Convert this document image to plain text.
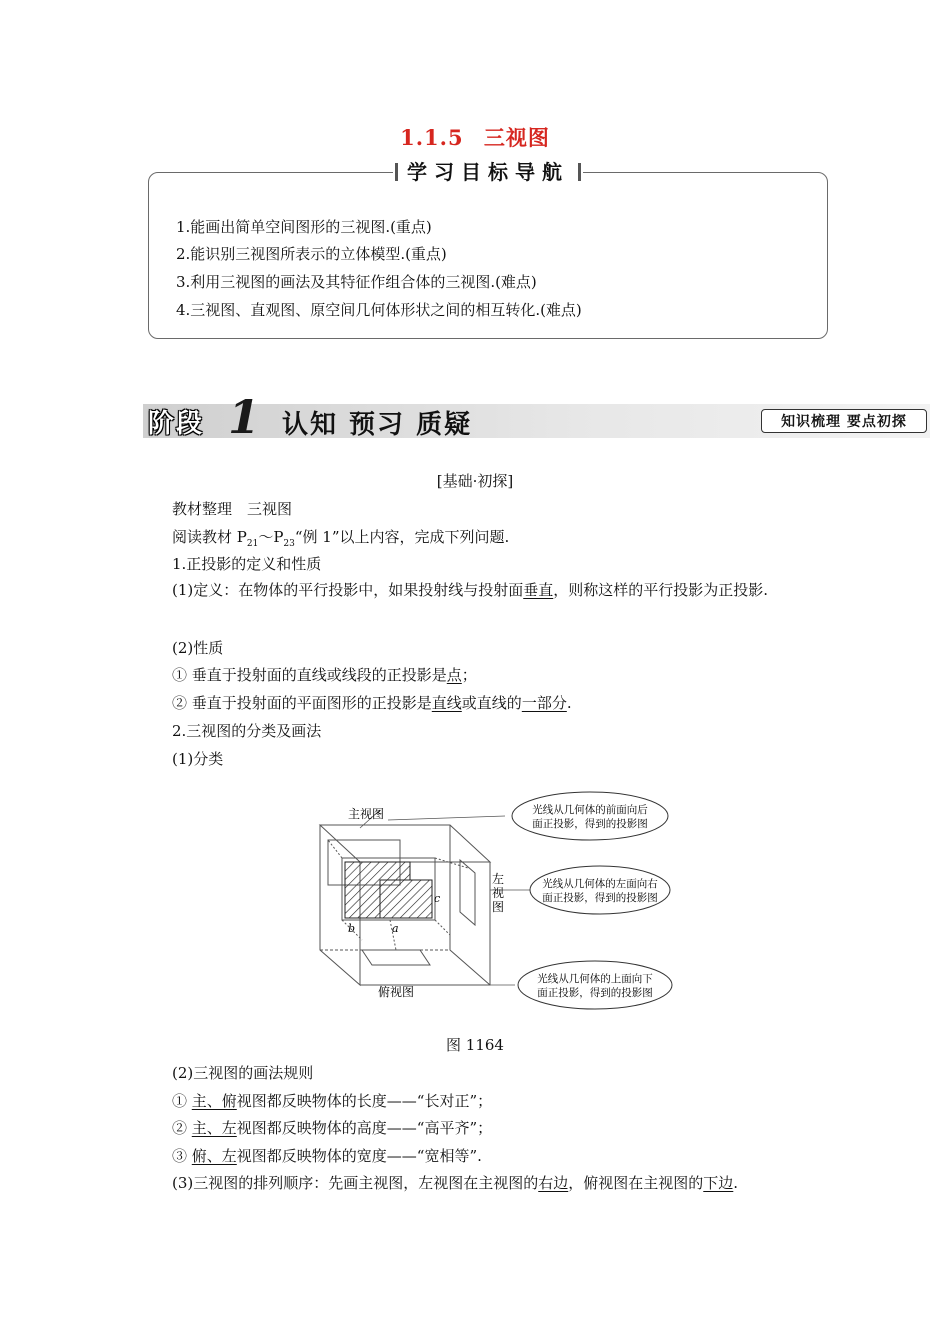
1.1.5 三视图
学习目标导航
1.能画出简单空间图形的三视图.(重点)
2.能识别三视图所表示的立体模型.(重点)
3.利用三视图的画法及其特征作组合体的三视图.(难点)
4.三视图、直观图、原空间几何体形状之间的相互转化.(难点)
阶段 1 认知 预习 质疑	知识梳理 要点初探
[基础·初探]
教材整理　三视图
阅读教材 $P_{21}\sim P_{23}“$例 1”以上内容，完成下列问题.
1.正投影的定义和性质
(1)定义：在物体的平行投影中，如果投射线与投射面垂直，则称这样的平行投影为正投影.
(2)性质
① 垂直于投射面的直线或线段的正投影是点；
② 垂直于投射面的平面图形的正投影是直线或直线的一部分.
2.三视图的分类及画法
(1)分类
主视图
左
视
图
俯视图
b	a
c
光线从几何体的前面向后
面正投影，得到的投影图
光线从几何体的左面向右
面正投影，得到的投影图
光线从几何体的上面向下
面正投影，得到的投影图
图 1164
(2)三视图的画法规则
① 主、俯视图都反映物体的长度——“长对正”；
② 主、左视图都反映物体的高度——“高平齐”；
③ 俯、左视图都反映物体的宽度——“宽相等”.
(3)三视图的排列顺序：先画主视图，左视图在主视图的右边，俯视图在主视图的下边.
